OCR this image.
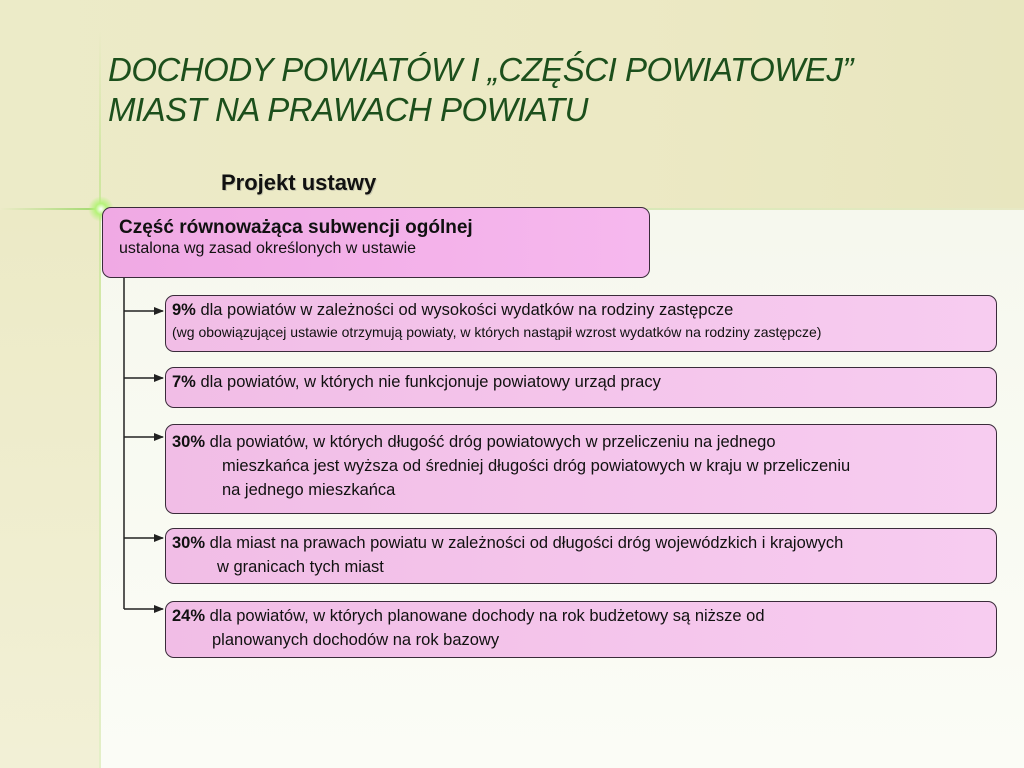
DOCHODY POWIATÓW I „CZĘŚCI POWIATOWEJ”
MIAST NA PRAWACH POWIATU
Projekt ustawy
Część równoważąca subwencji ogólnej
ustalona wg zasad określonych w ustawie
9% dla powiatów w zależności od wysokości wydatków na rodziny zastępcze
(wg obowiązującej ustawie otrzymują powiaty, w których nastąpił wzrost wydatków na rodziny zastępcze)
7% dla powiatów, w których nie funkcjonuje powiatowy urząd pracy
30% dla powiatów, w których długość dróg powiatowych w przeliczeniu na jednego
mieszkańca jest wyższa od średniej długości dróg powiatowych w kraju w przeliczeniu
na jednego mieszkańca
30% dla miast na prawach powiatu w zależności od długości dróg wojewódzkich i krajowych
w granicach tych miast
24% dla powiatów, w których planowane dochody na rok budżetowy są niższe od
planowanych dochodów na rok bazowy
